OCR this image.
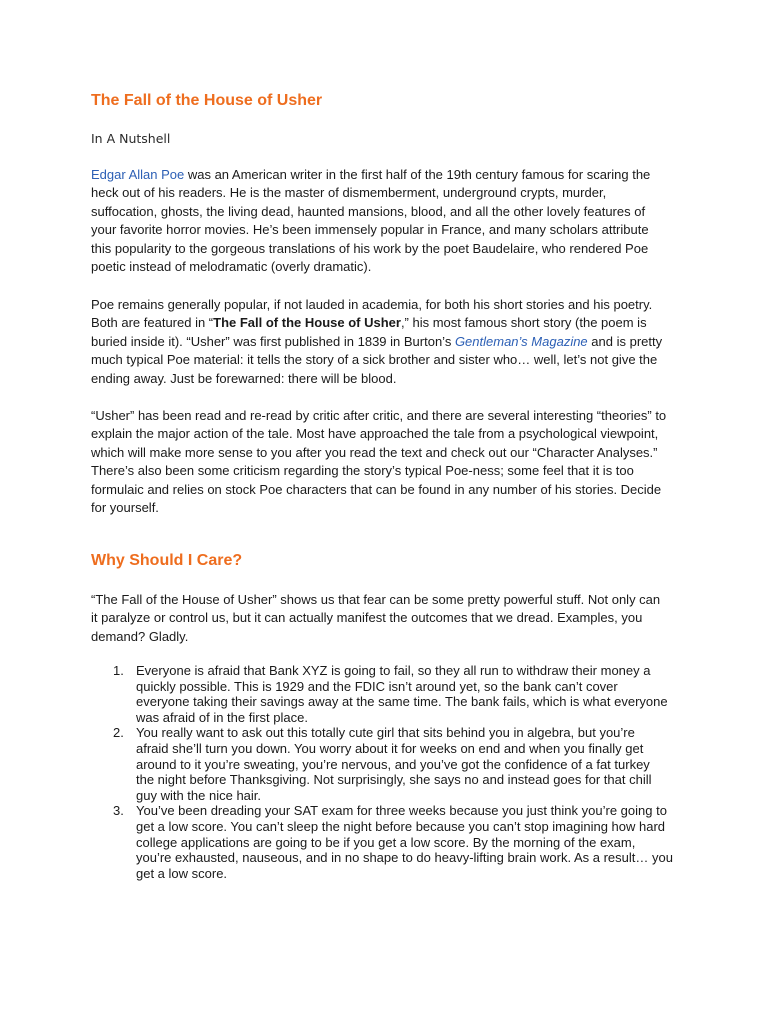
The Fall of the House of Usher
In A Nutshell
Edgar Allan Poe was an American writer in the first half of the 19th century famous for scaring the
heck out of his readers. He is the master of dismemberment, underground crypts, murder,
suffocation, ghosts, the living dead, haunted mansions, blood, and all the other lovely features of
your favorite horror movies. He’s been immensely popular in France, and many scholars attribute
this popularity to the gorgeous translations of his work by the poet Baudelaire, who rendered Poe
poetic instead of melodramatic (overly dramatic).
Poe remains generally popular, if not lauded in academia, for both his short stories and his poetry.
Both are featured in “The Fall of the House of Usher,” his most famous short story (the poem is
buried inside it). “Usher” was first published in 1839 in Burton’s Gentleman’s Magazine and is pretty
much typical Poe material: it tells the story of a sick brother and sister who… well, let’s not give the
ending away. Just be forewarned: there will be blood.
“Usher” has been read and re-read by critic after critic, and there are several interesting “theories” to
explain the major action of the tale. Most have approached the tale from a psychological viewpoint,
which will make more sense to you after you read the text and check out our “Character Analyses.”
There’s also been some criticism regarding the story’s typical Poe-ness; some feel that it is too
formulaic and relies on stock Poe characters that can be found in any number of his stories. Decide
for yourself.
Why Should I Care?
“The Fall of the House of Usher” shows us that fear can be some pretty powerful stuff. Not only can
it paralyze or control us, but it can actually manifest the outcomes that we dread. Examples, you
demand? Gladly.
1. Everyone is afraid that Bank XYZ is going to fail, so they all run to withdraw their money a
quickly possible. This is 1929 and the FDIC isn’t around yet, so the bank can’t cover
everyone taking their savings away at the same time. The bank fails, which is what everyone
was afraid of in the first place.
2. You really want to ask out this totally cute girl that sits behind you in algebra, but you’re
afraid she’ll turn you down. You worry about it for weeks on end and when you finally get
around to it you’re sweating, you’re nervous, and you’ve got the confidence of a fat turkey
the night before Thanksgiving. Not surprisingly, she says no and instead goes for that chill
guy with the nice hair.
3. You’ve been dreading your SAT exam for three weeks because you just think you’re going to
get a low score. You can’t sleep the night before because you can’t stop imagining how hard
college applications are going to be if you get a low score. By the morning of the exam,
you’re exhausted, nauseous, and in no shape to do heavy-lifting brain work. As a result… you
get a low score.
